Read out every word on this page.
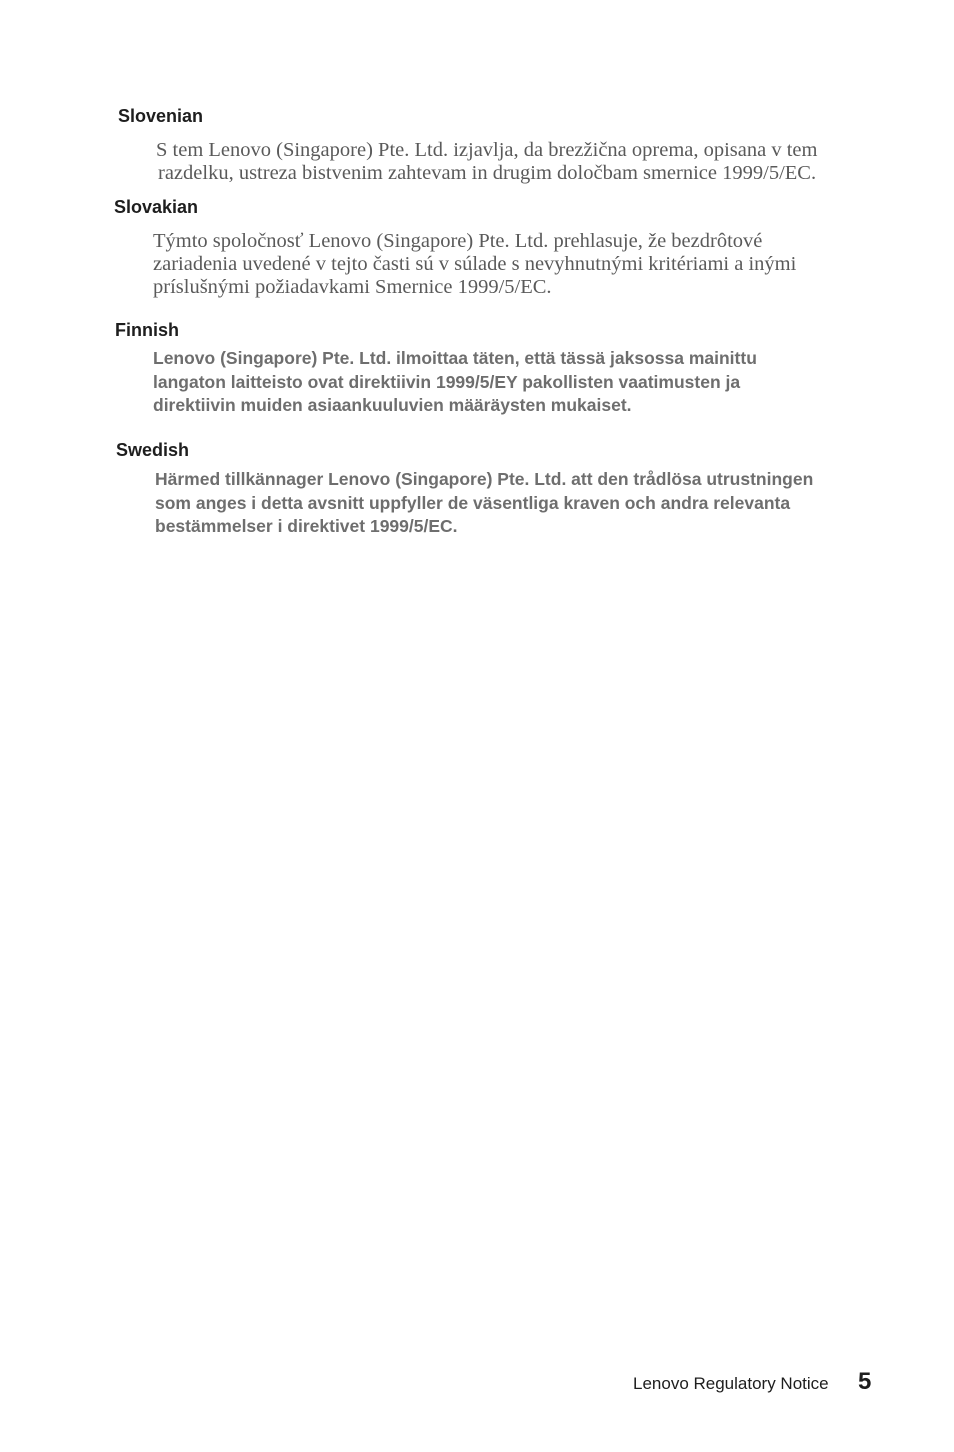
Slovenian
S tem Lenovo (Singapore) Pte. Ltd. izjavlja, da brezžična oprema, opisana v tem
razdelku, ustreza bistvenim zahtevam in drugim določbam smernice 1999/5/EC.
Slovakian
Týmto spoločnosť Lenovo (Singapore) Pte. Ltd. prehlasuje, že bezdrôtové
zariadenia uvedené v tejto časti sú v súlade s nevyhnutnými kritériami a inými
príslušnými požiadavkami Smernice 1999/5/EC.
Finnish
Lenovo (Singapore) Pte. Ltd. ilmoittaa täten, että tässä jaksossa mainittu
langaton laitteisto ovat direktiivin 1999/5/EY pakollisten vaatimusten ja
direktiivin muiden asiaankuuluvien määräysten mukaiset.
Swedish
Härmed tillkännager Lenovo (Singapore) Pte. Ltd. att den trådlösa utrustningen
som anges i detta avsnitt uppfyller de väsentliga kraven och andra relevanta
bestämmelser i direktivet 1999/5/EC.
Lenovo Regulatory Notice 5
